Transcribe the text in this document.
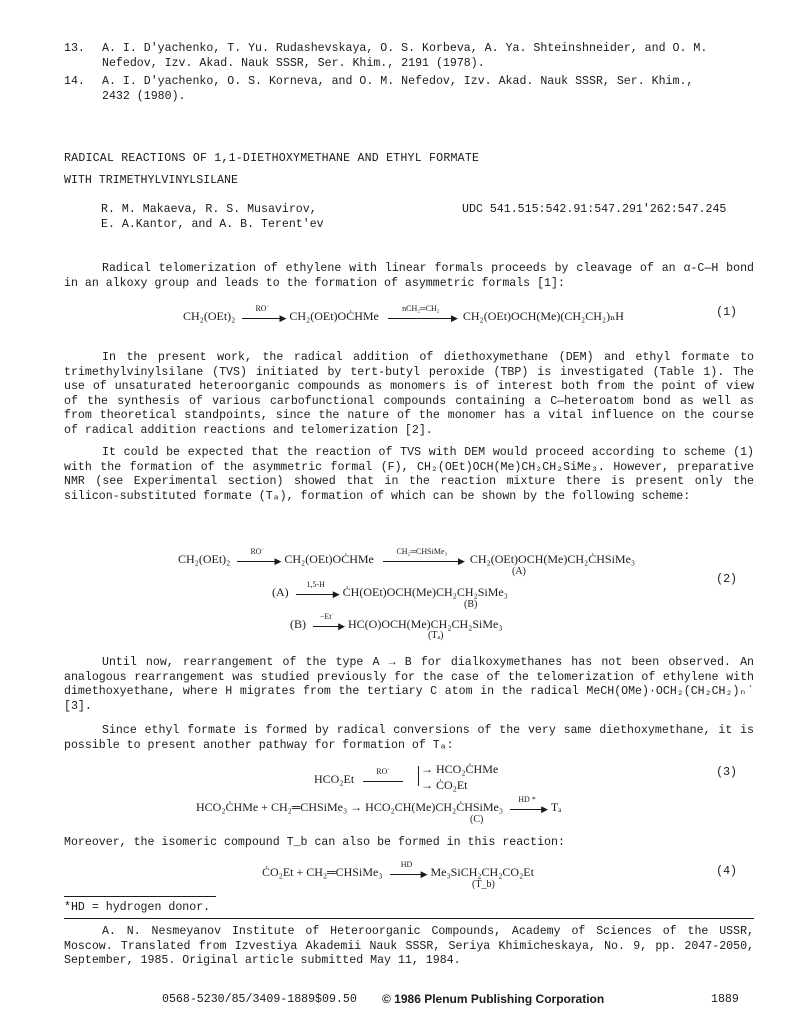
13. A. I. D'yachenko, T. Yu. Rudashevskaya, O. S. Korbeva, A. Ya. Shteinshneider, and O. M.
Nefedov, Izv. Akad. Nauk SSSR, Ser. Khim., 2191 (1978).
14. A. I. D'yachenko, O. S. Korneva, and O. M. Nefedov, Izv. Akad. Nauk SSSR, Ser. Khim.,
2432 (1980).
RADICAL REACTIONS OF 1,1-DIETHOXYMETHANE AND ETHYL FORMATE
WITH TRIMETHYLVINYLSILANE
R. M. Makaeva, R. S. Musavirov,
E. A.Kantor, and A. B. Terent'ev
UDC 541.515:542.91:547.291'262:547.245
Radical telomerization of ethylene with linear formals proceeds by cleavage of an α-C—H bond in an alkoxy group and leads to the formation of asymmetric formals [1]:
CH₂(OEt)₂
RO˙
▶ CH₂(OEt)OĊHMe
nCH₂═CH₂
▶ CH₂(OEt)OCH(Me)(CH₂CH₂)ₙH	(1)
In the present work, the radical addition of diethoxymethane (DEM) and ethyl formate to trimethylvinylsilane (TVS) initiated by tert-butyl peroxide (TBP) is investigated (Table 1). The use of unsaturated heteroorganic compounds as monomers is of interest both from the point of view of the synthesis of various carbofunctional compounds containing a C—heteroatom bond as well as from theoretical standpoints, since the nature of the monomer has a vital influence on the course of radical addition reactions and telomerization [2].
It could be expected that the reaction of TVS with DEM would proceed according to scheme (1) with the formation of the asymmetric formal (F), CH₂(OEt)OCH(Me)CH₂CH₂SiMe₃. However, preparative NMR (see Experimental section) showed that in the reaction mixture there is present only the silicon-substituted formate (Tₐ), formation of which can be shown by the following scheme:
CH₂(OEt)₂
RO˙
▶ CH₂(OEt)OĊHMe
CH₂═CHSiMe₃
▶ CH₂(OEt)OCH(Me)CH₂ĊHSiMe₃
(A)
(A)
1,5-H
▶ ĊH(OEt)OCH(Me)CH₂CH₂SiMe₃
(B)
(B)
−Et˙
▶ HC(O)OCH(Me)CH₂CH₂SiMe₃
(Tₐ)
(2)
Until now, rearrangement of the type A → B for dialkoxymethanes has not been observed. An analogous rearrangement was studied previously for the case of the telomerization of ethylene with dimethoxyethane, where H migrates from the tertiary C atom in the radical MeCH(OMe)·OCH₂(CH₂CH₂)ₙ˙ [3].
Since ethyl formate is formed by radical conversions of the very same diethoxymethane, it is possible to present another pathway for formation of Tₐ:
HCO₂Et
RO˙	→ HCO₂ĊHMe
→ ĊO₂Et
(3)
HCO₂ĊHMe + CH₂═CHSiMe₃ → HCO₂CH(Me)CH₂ĊHSiMe₃
HD *
▶ Tₐ
(C)
Moreover, the isomeric compound T_b can also be formed in this reaction:
ĊO₂Et + CH₂═CHSiMe₃
HD
▶ Me₃SiCH₂CH₂CO₂Et
(T_b)
(4)
*HD = hydrogen donor.
A. N. Nesmeyanov Institute of Heteroorganic Compounds, Academy of Sciences of the USSR, Moscow. Translated from Izvestiya Akademii Nauk SSSR, Seriya Khimicheskaya, No. 9, pp. 2047-2050, September, 1985. Original article submitted May 11, 1984.
0568-5230/85/3409-1889$09.50 © 1986 Plenum Publishing Corporation	1889
